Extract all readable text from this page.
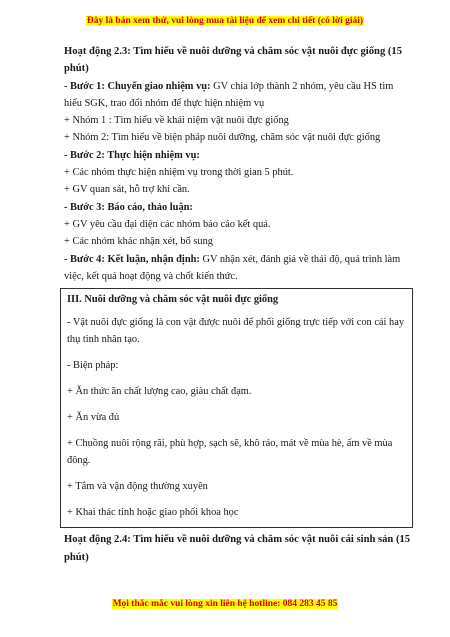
Đây là bản xem thử, vui lòng mua tài liệu để xem chi tiết (có lời giải)

Hoạt động 2.3: Tìm hiểu về nuôi dưỡng và chăm sóc vật nuôi đực giống (15 phút)

- Bước 1: Chuyển giao nhiệm vụ: GV chia lớp thành 2 nhóm, yêu cầu HS tìm hiểu SGK, trao đổi nhóm để thực hiện nhiệm vụ

+ Nhóm 1 : Tìm hiểu về khái niệm vật nuôi đực giống

+ Nhóm 2: Tìm hiểu về biện pháp nuôi dưỡng, chăm sóc vật nuôi đực giống

- Bước 2: Thực hiện nhiệm vụ:

+ Các nhóm thực hiện nhiệm vụ trong thời gian 5 phút.

+ GV quan sát, hỗ trợ khi cần.

- Bước 3: Báo cáo, thảo luận:

+ GV yêu cầu đại diện các nhóm báo cáo kết quả.

+ Các nhóm khác nhận xét, bổ sung

- Bước 4: Kết luận, nhận định: GV nhận xét, đánh giá về thái độ, quá trình làm việc, kết quả hoạt động và chốt kiến thức.

III. Nuôi dưỡng và chăm sóc vật nuôi đực giống

- Vật nuôi đực giống là con vật được nuôi để phối giống trực tiếp với con cái hay thụ tinh nhân tạo.

- Biện pháp:

+ Ăn thức ăn chất lượng cao, giàu chất đạm.

+ Ăn vừa đủ

+ Chuồng nuôi rộng rãi, phù hợp, sạch sẽ, khô ráo, mát về mùa hè, ấm về mùa đông.

+ Tắm và vận động thường xuyên

+ Khai thác tinh hoặc giao phối khoa học

Hoạt động 2.4: Tìm hiểu về nuôi dưỡng và chăm sóc vật nuôi cái sinh sản (15 phút)

Mọi thắc mắc vui lòng xin liên hệ hotline: 084 283 45 85
